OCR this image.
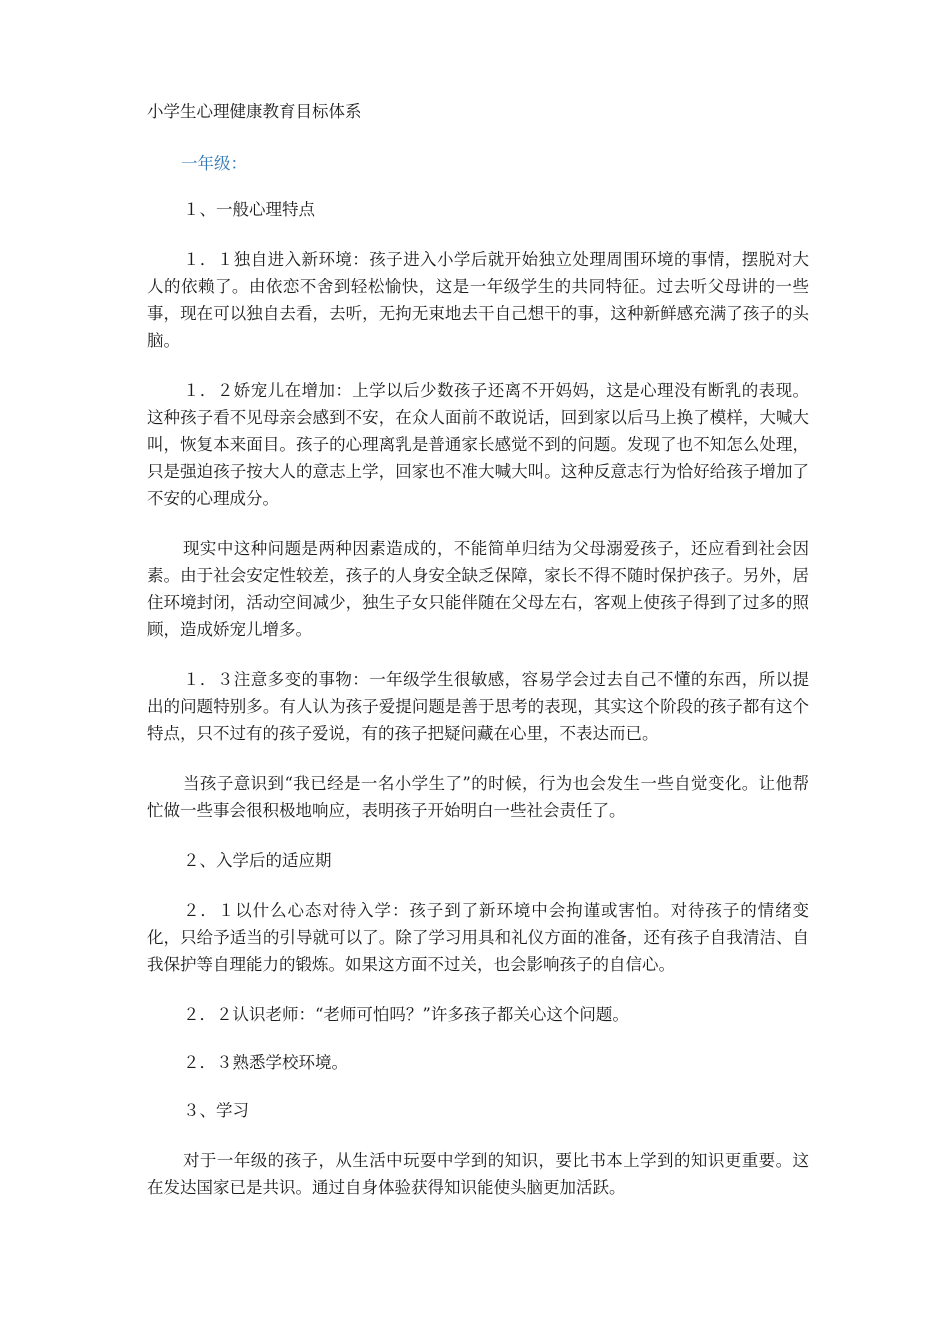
小学生心理健康教育目标体系

一年级：

１、一般心理特点

１．１独自进入新环境：孩子进入小学后就开始独立处理周围环境的事情，摆脱对大人的依赖了。由依恋不舍到轻松愉快，这是一年级学生的共同特征。过去听父母讲的一些事，现在可以独自去看，去听，无拘无束地去干自己想干的事，这种新鲜感充满了孩子的头脑。

１．２娇宠儿在增加：上学以后少数孩子还离不开妈妈，这是心理没有断乳的表现。这种孩子看不见母亲会感到不安，在众人面前不敢说话，回到家以后马上换了模样，大喊大叫，恢复本来面目。孩子的心理离乳是普通家长感觉不到的问题。发现了也不知怎么处理，只是强迫孩子按大人的意志上学，回家也不准大喊大叫。这种反意志行为恰好给孩子增加了不安的心理成分。

现实中这种问题是两种因素造成的，不能简单归结为父母溺爱孩子，还应看到社会因素。由于社会安定性较差，孩子的人身安全缺乏保障，家长不得不随时保护孩子。另外，居住环境封闭，活动空间减少，独生子女只能伴随在父母左右，客观上使孩子得到了过多的照顾，造成娇宠儿增多。

１．３注意多变的事物：一年级学生很敏感，容易学会过去自己不懂的东西，所以提出的问题特别多。有人认为孩子爱提问题是善于思考的表现，其实这个阶段的孩子都有这个特点，只不过有的孩子爱说，有的孩子把疑问藏在心里，不表达而已。

当孩子意识到“我已经是一名小学生了”的时候，行为也会发生一些自觉变化。让他帮忙做一些事会很积极地响应，表明孩子开始明白一些社会责任了。

２、入学后的适应期

２．１以什么心态对待入学：孩子到了新环境中会拘谨或害怕。对待孩子的情绪变化，只给予适当的引导就可以了。除了学习用具和礼仪方面的准备，还有孩子自我清洁、自我保护等自理能力的锻炼。如果这方面不过关，也会影响孩子的自信心。

２．２认识老师：“老师可怕吗？”许多孩子都关心这个问题。

２．３熟悉学校环境。

３、学习

对于一年级的孩子，从生活中玩耍中学到的知识，要比书本上学到的知识更重要。这在发达国家已是共识。通过自身体验获得知识能使头脑更加活跃。
